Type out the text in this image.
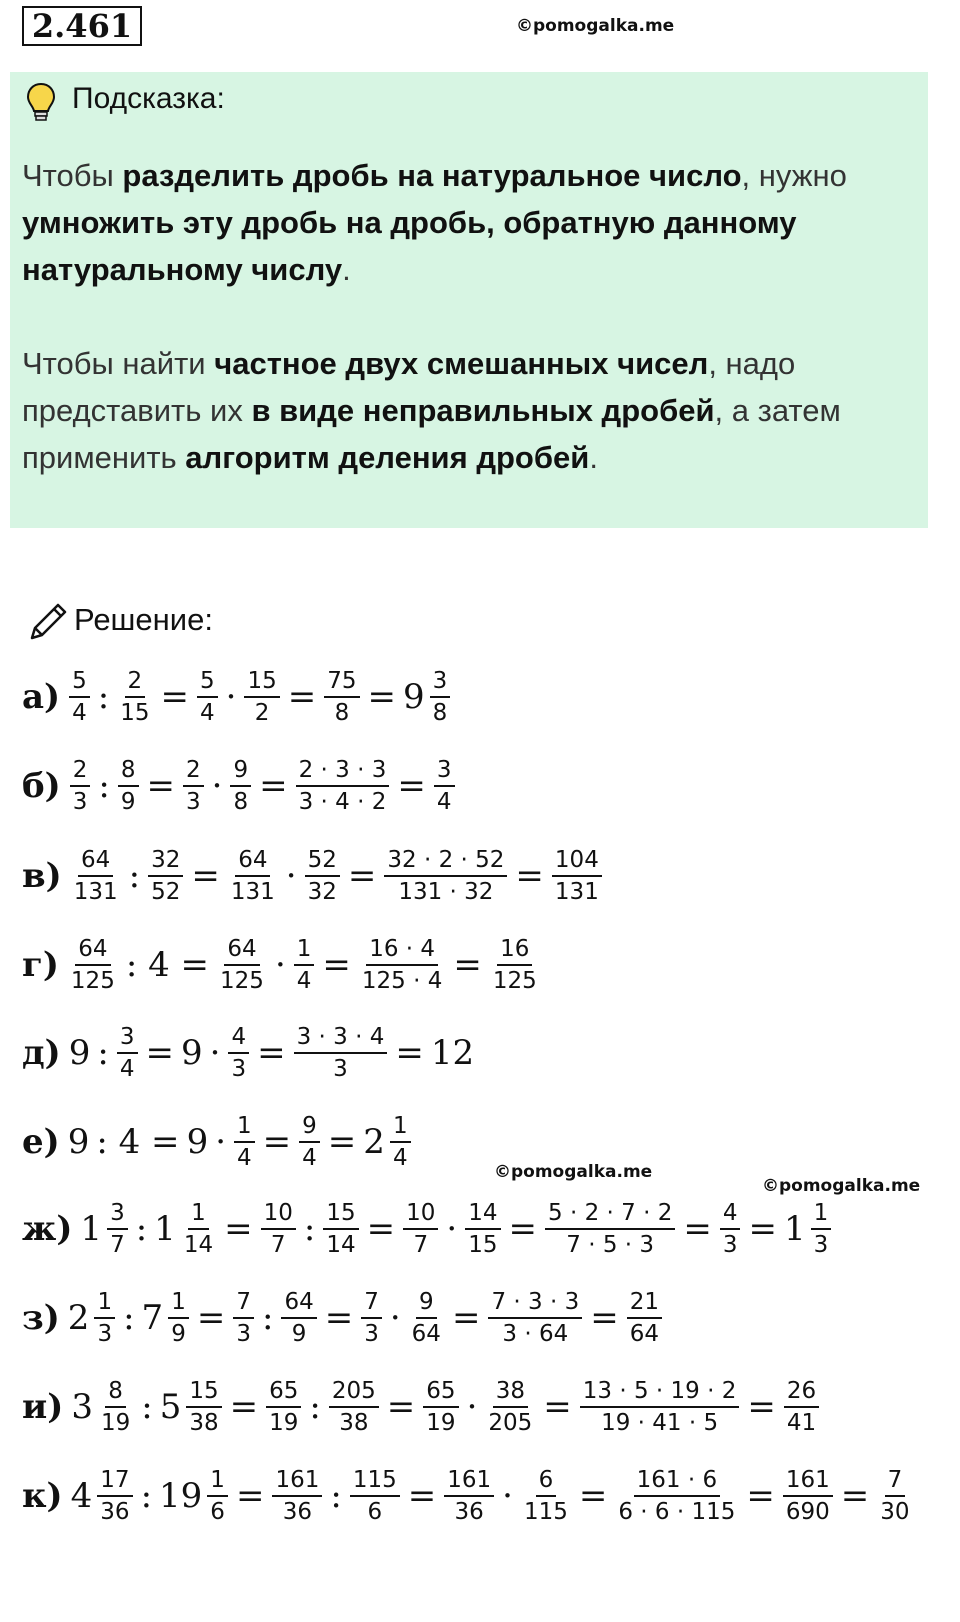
2.461	©pomogalka.me
Подсказка:
Чтобы разделить дробь на натуральное число, нужно умножить эту дробь на дробь, обратную данному натуральному числу.
Чтобы найти частное двух смешанных чисел, надо представить их в виде неправильных дробей, а затем применить алгоритм деления дробей.
Решение:
$а) \frac{5}{4}$ : $\frac{2}{15} = \frac{5}{4} \cdot \frac{15}{2} = \frac{75}{8} = 9 \frac{3}{8}$
$б) \frac{2}{3}$ : $\frac{8}{9} = \frac{2}{3} \cdot \frac{9}{8} = \frac{2 \cdot 3 \cdot 3}{3 \cdot 4 \cdot 2} = \frac{3}{4}$
$в) \frac{64}{131}$ : $\frac{32}{52} = \frac{64}{131} \cdot \frac{52}{32} = \frac{32 \cdot 2 \cdot 52}{131 \cdot 32} = \frac{104}{131}$
$г) \frac{64}{125}$ : $4 = \frac{64}{125} \cdot \frac{1}{4} = \frac{16 \cdot 4}{125 \cdot 4} = \frac{16}{125}$
д) 9 : $\frac{3}{4} = 9 \cdot \frac{4}{3} = \frac{3 \cdot 3 \cdot 4}{3} = 12$
е) 9 : $4 = 9 \cdot \frac{1}{4} = \frac{9}{4} = 2 \frac{1}{4}$
ж) $1 \frac{3}{7}$ : $1 \frac{1}{14} = \frac{10}{7}$ : $\frac{15}{14} = \frac{10}{7} \cdot \frac{14}{15} = \frac{5 \cdot 2 \cdot 7 \cdot 2}{7 \cdot 5 \cdot 3} = \frac{4}{3} = 1 \frac{1}{3}$
з) $2 \frac{1}{3}$ : $7 \frac{1}{9} = \frac{7}{3}$ : $\frac{64}{9} = \frac{7}{3} \cdot \frac{9}{64} = \frac{7 \cdot 3 \cdot 3}{3 \cdot 64} = \frac{21}{64}$
и) $3 \frac{8}{19}$ : $5 \frac{15}{38} = \frac{65}{19}$ : $\frac{205}{38} = \frac{65}{19} \cdot \frac{38}{205} = \frac{13 \cdot 5 \cdot 19 \cdot 2}{19 \cdot 41 \cdot 5} = \frac{26}{41}$
к) $4 \frac{17}{36}$ : $19 \frac{1}{6} = \frac{161}{36}$ : $\frac{115}{6} = \frac{161}{36} \cdot \frac{6}{115} = \frac{161 \cdot 6}{6 \cdot 6 \cdot 115} = \frac{161}{690} = \frac{7}{30}$
©pomogalka.me
©pomogalka.me
